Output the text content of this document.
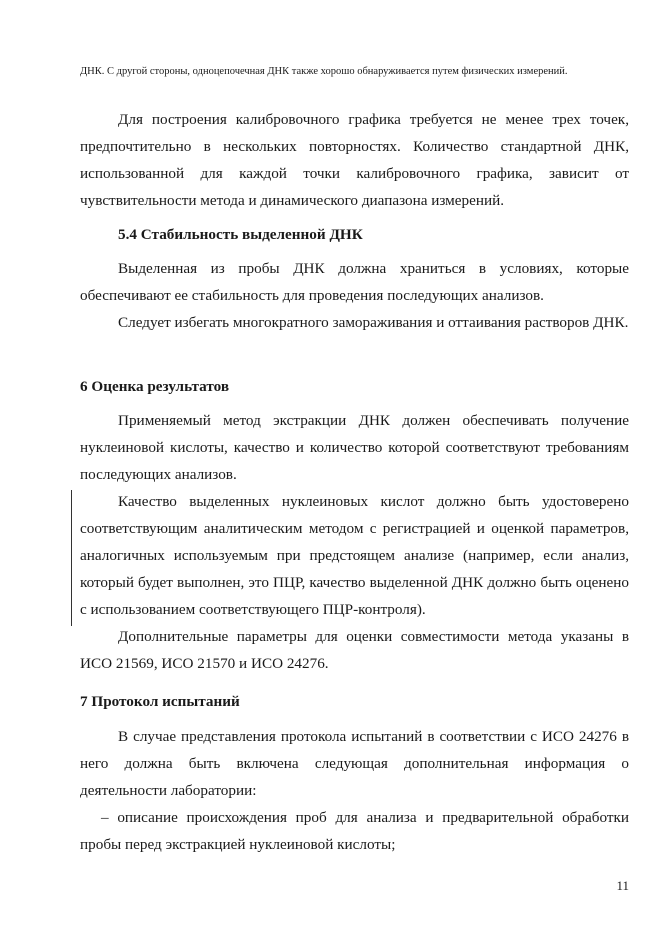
ДНК. С другой стороны, одноцепочечная ДНК также хорошо обнаруживается путем физических измерений.

Для построения калибровочного графика требуется не менее трех точек, предпочтительно в нескольких повторностях. Количество стандартной ДНК, использованной для каждой точки калибровочного графика, зависит от чувствительности метода и динамического диапазона измерений.

5.4 Стабильность выделенной ДНК

Выделенная из пробы ДНК должна храниться в условиях, которые обеспечивают ее стабильность для проведения последующих анализов.

Следует избегать многократного замораживания и оттаивания растворов ДНК.

6 Оценка результатов

Применяемый метод экстракции ДНК должен обеспечивать получение нуклеиновой кислоты, качество и количество которой соответствуют требованиям последующих анализов.

Качество выделенных нуклеиновых кислот должно быть удостоверено соответствующим аналитическим методом с регистрацией и оценкой параметров, аналогичных используемым при предстоящем анализе (например, если анализ, который будет выполнен, это ПЦР, качество выделенной ДНК должно быть оценено с использованием соответствующего ПЦР-контроля).

Дополнительные параметры для оценки совместимости метода указаны в ИСО 21569, ИСО 21570 и ИСО 24276.

7 Протокол испытаний

В случае представления протокола испытаний в соответствии с ИСО 24276 в него должна быть включена следующая дополнительная информация о деятельности лаборатории:

– описание происхождения проб для анализа и предварительной обработки пробы перед экстракцией нуклеиновой кислоты;

11
